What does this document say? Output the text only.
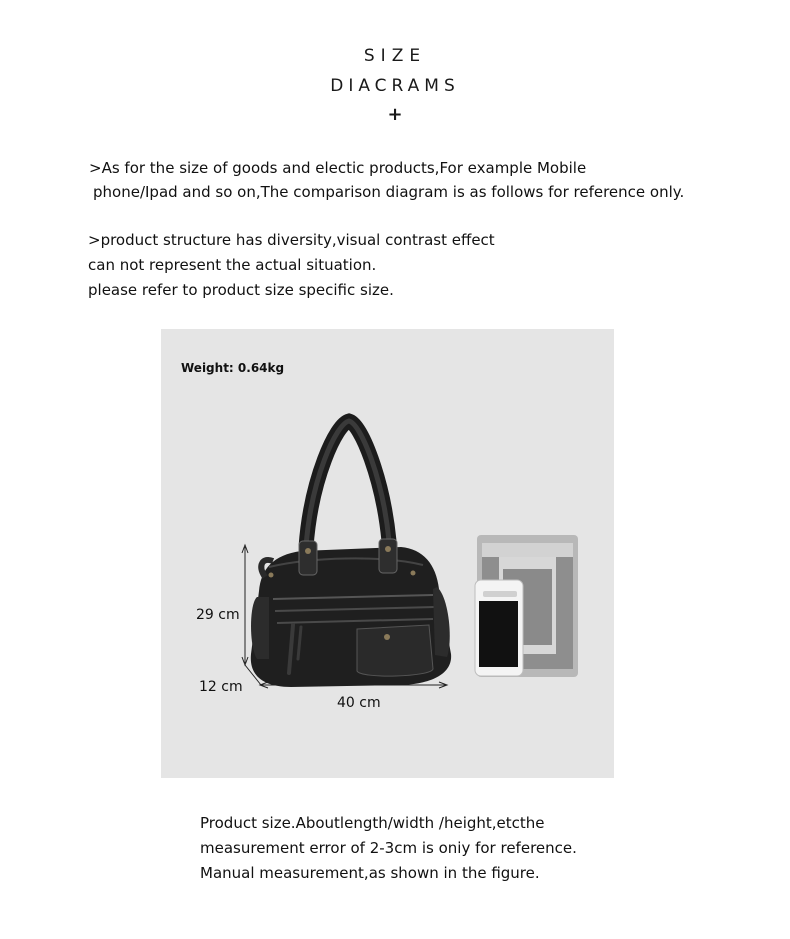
SIZE
DIACRAMS
+
>As for the size of goods and electic products,For example Mobile
phone/Ipad and so on,The comparison diagram is as follows for reference only.
>product structure has diversity,visual contrast effect
can not represent the actual situation.
please refer to product size specific size.
Weight: 0.64kg
29 cm
12 cm
40 cm
Product size.Aboutlength/width /height,etcthe
measurement error of 2-3cm is oniy for reference.
Manual measurement,as shown in the figure.
